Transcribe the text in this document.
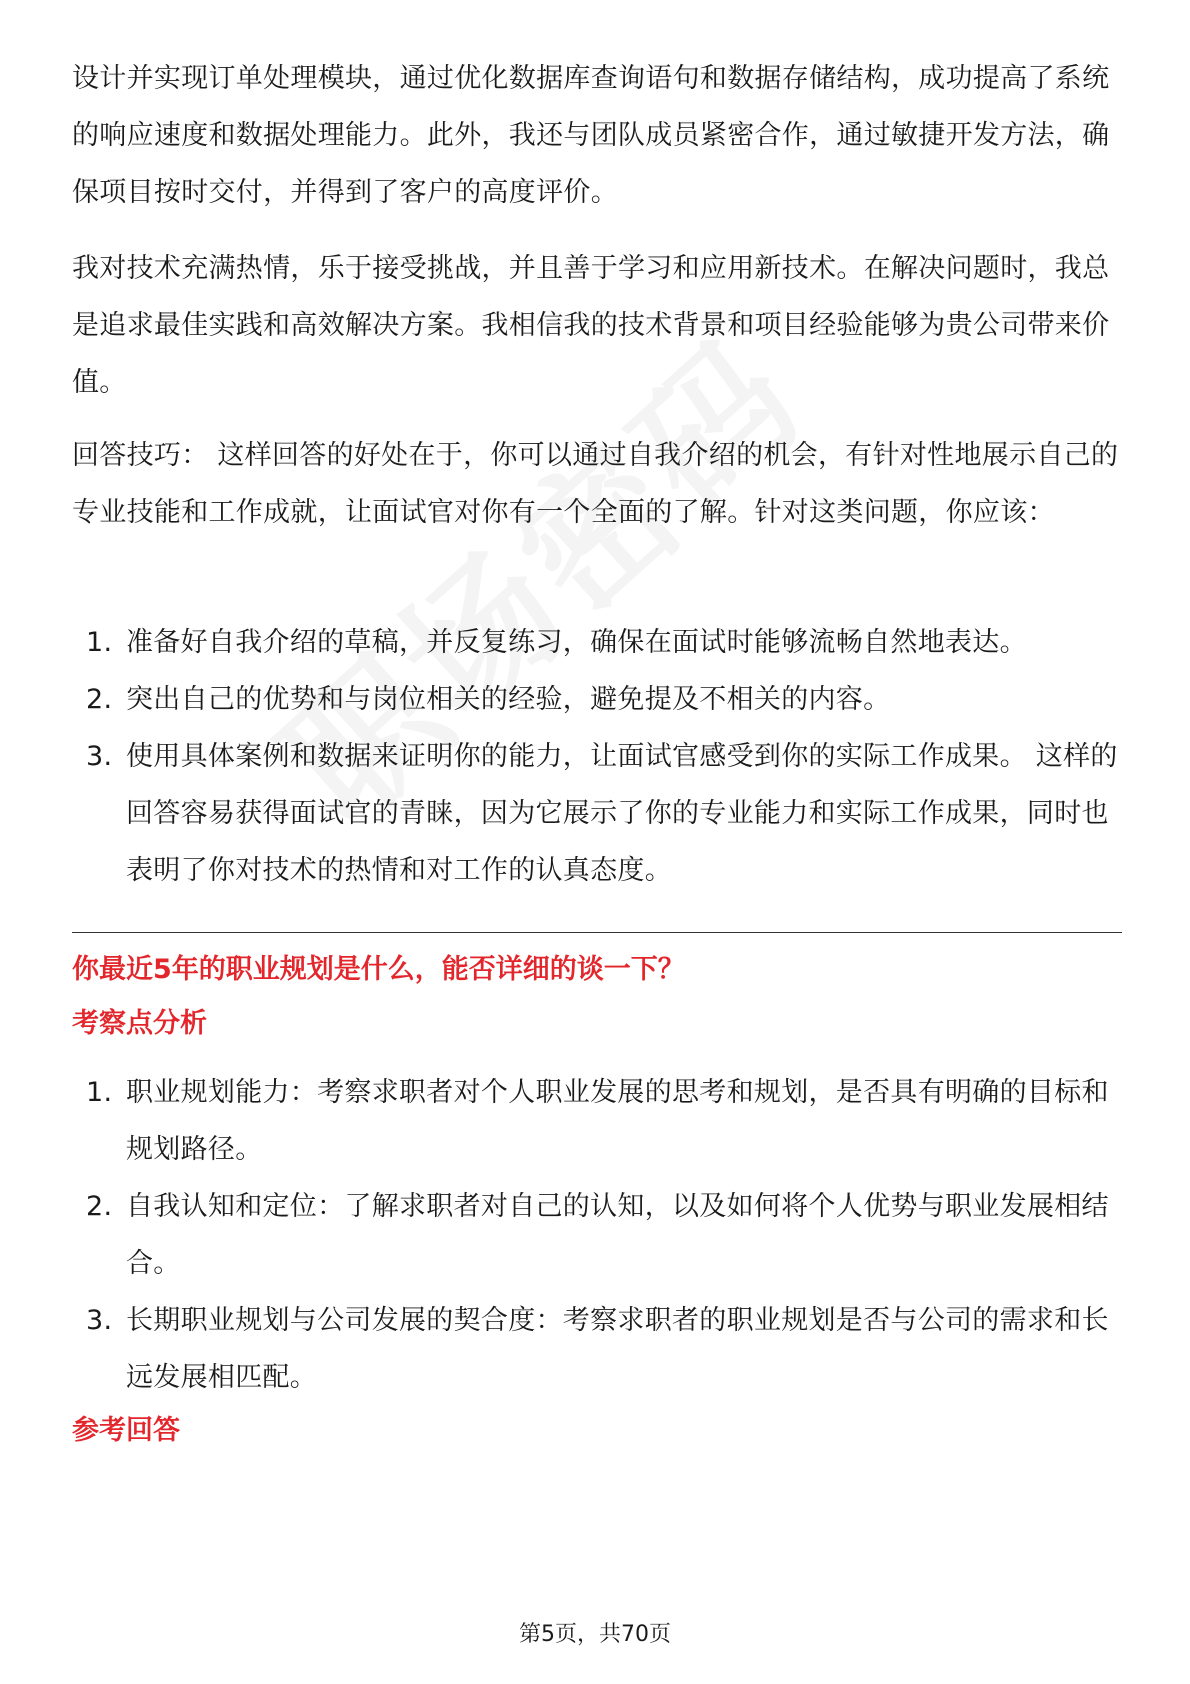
设计并实现订单处理模块，通过优化数据库查询语句和数据存储结构，成功提高了系统的响应速度和数据处理能力。此外，我还与团队成员紧密合作，通过敏捷开发方法，确保项目按时交付，并得到了客户的高度评价。

我对技术充满热情，乐于接受挑战，并且善于学习和应用新技术。在解决问题时，我总是追求最佳实践和高效解决方案。我相信我的技术背景和项目经验能够为贵公司带来价值。

回答技巧： 这样回答的好处在于，你可以通过自我介绍的机会，有针对性地展示自己的专业技能和工作成就，让面试官对你有一个全面的了解。针对这类问题，你应该：

1. 准备好自我介绍的草稿，并反复练习，确保在面试时能够流畅自然地表达。
2. 突出自己的优势和与岗位相关的经验，避免提及不相关的内容。
3. 使用具体案例和数据来证明你的能力，让面试官感受到你的实际工作成果。 这样的回答容易获得面试官的青睐，因为它展示了你的专业能力和实际工作成果，同时也表明了你对技术的热情和对工作的认真态度。
你最近5年的职业规划是什么，能否详细的谈一下？
考察点分析
1. 职业规划能力：考察求职者对个人职业发展的思考和规划，是否具有明确的目标和规划路径。
2. 自我认知和定位：了解求职者对自己的认知，以及如何将个人优势与职业发展相结合。
3. 长期职业规划与公司发展的契合度：考察求职者的职业规划是否与公司的需求和长远发展相匹配。
参考回答
第5页，共70页
